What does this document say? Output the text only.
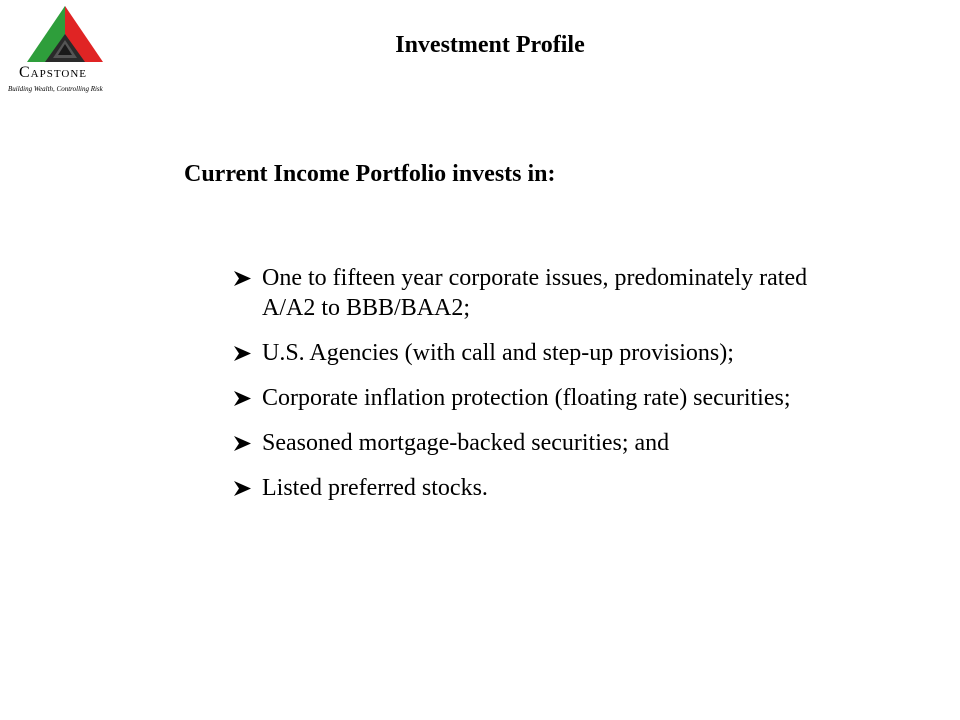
Capstone
Building Wealth, Controlling Risk
Investment Profile
Current Income Portfolio invests in:
One to fifteen year corporate issues, predominately rated A/A2 to BBB/BAA2;
U.S. Agencies (with call and step-up provisions);
Corporate inflation protection (floating rate) securities;
Seasoned mortgage-backed securities; and
Listed preferred stocks.
